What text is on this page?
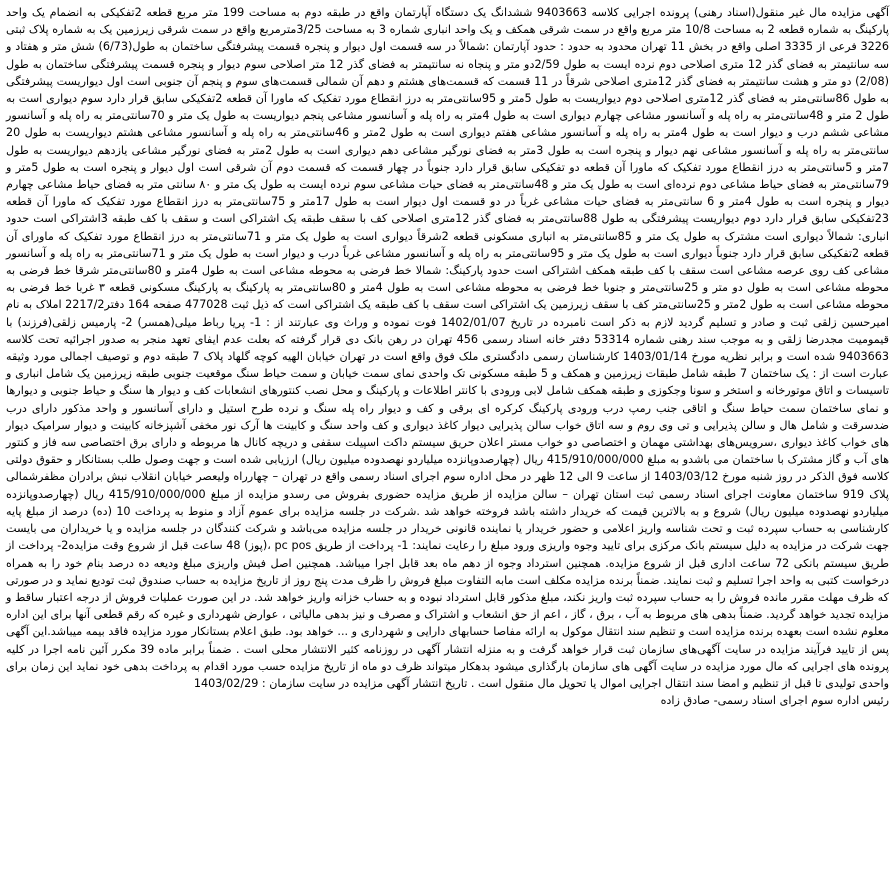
آگهی مزایده مال غیر منقول(اسناد رهنی) پرونده اجرایی کلاسه 9403663 ششدانگ یک دستگاه آپارتمان واقع در طبقه دوم به مساحت 199 متر مربع قطعه 2تفکیکی به انضمام یک واحد پارکینگ به شماره قطعه 2 به مساحت 10/8 متر مربع واقع در سمت شرقی همکف و یک واحد انباری شماره 3 به مساحت 3/25مترمربع واقع در سمت شرقی زیرزمین یک به شماره پلاک ثبتی 3226 فرعی از 3335 اصلی واقع در بخش 11 تهران محدود به حدود : حدود آپارتمان :شمالاً در سه قسمت اول دیوار و پنجره قسمت پیشرفتگی ساختمان به طول(6/73) شش متر و هفتاد و سه سانتیمتر به فضای گذر 12 متری اصلاحی دوم نرده ایست به طول 2/59دو متر و پنجاه نه سانتیمتر به فضای گذر 12 متر اصلاحی سوم دیوار و پنجره قسمت پیشرفتگی ساختمان به طول (2/08) دو متر و هشت سانتیمتر به فضای گذر 12متری اصلاحی شرقاً در 11 قسمت که قسمت‌های هشتم و دهم آن شمالی قسمت‌های سوم و پنجم آن جنوبی است اول دیواریست پیشرفتگی به طول 86سانتی‌متر به فضای گذر 12متری اصلاحی دوم دیواریست به طول 5متر و 95سانتی‌متر به درز انقطاع مورد تفکیک که ماورا آن قطعه 2تفکیکی سابق قرار دارد سوم دیواری است به طول 2 متر و 48سانتی‌متر به راه پله و آسانسور مشاعی چهارم دیواری است به طول 4متر به راه پله و آسانسور مشاعی پنجم دیواریست به طول یک متر و 70سانتی‌متر به راه پله و آسانسور مشاعی ششم درب و دیوار است به طول 4متر به راه پله و آسانسور مشاعی هفتم دیواری است به طول 2متر و 46سانتی‌متر به راه پله و آسانسور مشاعی هشتم دیواریست به طول 20 سانتی‌متر به راه پله و آسانسور مشاعی نهم دیوار و پنجره است به طول 3متر به فضای نورگیر مشاعی دهم دیواری است به طول 2متر به فضای نورگیر مشاعی یازدهم دیواریست به طول 7متر و 5سانتی‌متر به درز انقطاع مورد تفکیک که ماورا آن قطعه دو تفکیکی سابق قرار دارد جنوباً در چهار قسمت که قسمت دوم آن شرقی است اول دیوار و پنجره است به طول 5متر و 79سانتی‌متر به فضای حیاط مشاعی دوم نرده‌ای است به طول یک متر و 48سانتی‌متر به فضای حیات مشاعی سوم نرده ایست به طول یک متر و ۸۰ سانتی متر به فضای حیاط مشاعی چهارم دیوار و پنجره است به طول 4متر و 6 سانتی‌متر به فضای حیات مشاعی غرباً در دو قسمت اول دیوار است به طول 17متر و 75سانتی‌متر به درز انقطاع مورد تفکیک که ماورا آن قطعه 23تفکیکی سابق قرار دارد دوم دیواریست پیشرفتگی به طول 88سانتی‌متر به فضای گذر 12متری اصلاحی کف با سقف طبقه یک اشتراکی است و سقف با کف طبقه 3اشتراکی است حدود انباری: شمالاً دیواری است مشترک به طول یک متر و 85سانتی‌متر به انباری مسکونی قطعه 2شرقاً دیواری است به طول یک متر و 71سانتی‌متر به درز انقطاع مورد تفکیک که ماورای آن قطعه 2تفکیکی سابق قرار دارد جنوباً دیواری است به طول یک متر و 95سانتی‌متر به راه پله و آسانسور مشاعی غرباً درب و دیوار است به طول یک متر و 71سانتی‌متر به راه پله و آسانسور مشاعی کف روی عرصه مشاعی است سقف با کف طبقه همکف اشتراکی است حدود پارکینگ: شمالا خط فرضی به محوطه مشاعی است به طول 4متر و 80سانتی‌متر شرقا خط فرضی به محوطه مشاعی است به طول دو متر و 25سانتی‌متر و جنوبا خط فرضی به محوطه مشاعی است به طول 4متر و 80سانتی‌متر به پارکینگ به پارکینگ مسکونی قطعه ۳ غربا خط فرضی به محوطه مشاعی است به طول 2متر و 25سانتی‌متر کف با سقف زیرزمین یک اشتراکی است سقف با کف طبقه یک اشتراکی است که ذیل ثبت 477028 صفحه 164 دفتر2217/2 املاک به نام امیرحسین زلقی ثبت و صادر و تسلیم گردید لازم به ذکر است نامبرده در تاریخ 1402/01/07 فوت نموده و وراث وی عبارتند از : 1- پریا رباط میلی(همسر) 2- پارمیس زلقی(فرزند) با قیمومیت مجدرضا زلقی و به موجب سند رهنی شماره 53314 دفتر خانه اسناد رسمی 456 تهران در رهن بانک دی قرار گرفته که بعلت عدم ایفای تعهد منجر به صدور اجرائیه تحت کلاسه 9403663 شده است و برابر نظریه مورخ 1403/01/14 کارشناسان رسمی دادگستری ملک فوق واقع است در تهران خیابان الهیه کوچه گلهاد پلاک 7 طبقه دوم و توصیف اجمالی مورد وثیقه عبارت است از : یک ساختمان 7 طبقه شامل طبقات زیرزمین و همکف و 5 طبقه مسکونی تک واحدی نمای سمت خیابان و سمت حیاط سنگ موقعیت جنوبی طبقه زیرزمین یک شامل انباری و تاسیسات و اتاق موتورخانه و استخر و سونا وجکوزی و طبقه همکف شامل لابی ورودی با کانتر اطلاعات و پارکینگ و محل نصب کنتورهای انشعابات کف و دیوار ها سنگ و حیاط جنوبی و دیوارها و نمای ساختمان سمت حیاط سنگ و اتاقی جنب رمپ درب ورودی پارکینگ کرکره ای برقی و کف و دیوار راه پله سنگ و نرده طرح استیل و دارای آسانسور و واحد مذکور دارای درب ضدسرقت و شامل هال و سالن پذیرایی و تی وی روم و سه اتاق خواب سالن پذیرایی دیوار کاغذ دیواری و کف واحد سنگ و کابینت ها آرک نور مخفی آشپزخانه کابینت و دیوار سرامیک دیوار های خواب کاغذ دیواری ،سرویس‌های بهداشتی مهمان و اختصاصی دو خواب مستر اعلان حریق سیستم داکت اسپیلت سقفی و دریچه کانال ها مربوطه و دارای برق اختصاصی سه فاز و کنتور های آب و گاز مشترک با ساختمان می باشدو به مبلغ 415/910/000/000 ریال (چهارصدوپانزده میلیاردو نهصدوده میلیون ریال) ارزیابی شده است و جهت وصول طلب بستانکار و حقوق دولتی کلاسه فوق الذکر در روز شنبه مورخ 1403/03/12 از ساعت 9 الی 12 ظهر در محل اداره سوم اجرای اسناد رسمی واقع در تهران – چهارراه ولیعصر خیابان انقلاب نبش برادران مظفرشمالی پلاک 919 ساختمان معاونت اجرای اسناد رسمی ثبت استان تهران – سالن مزایده از طریق مزایده حضوری بفروش می رسدو مزایده از مبلغ 415/910/000/000 ریال (چهارصدوپانزده میلیاردو نهصدوده میلیون ریال) شروع و به بالاترین قیمت که خریدار داشته باشد فروخته خواهد شد .شرکت در جلسه مزایده برای عموم آزاد و منوط به پرداخت 10 (ده) درصد از مبلغ پایه کارشناسی به حساب سپرده ثبت و تحت شناسه واریز اعلامی و حضور خریدار یا نماینده قانونی خریدار در جلسه مزایده می‌باشد و شرکت کنندگان در جلسه مزایده و یا خریداران می بایست جهت شرکت در مزایده به دلیل سیستم بانک مرکزی برای تایید وجوه واریزی ورود مبلغ را رعایت نمایند: 1- پرداخت از طریق pc pos ،(پوز) 48 ساعت قبل از شروع وقت مزایده2- پرداخت از طریق سیستم بانکی 72 ساعت اداری قبل از شروع مزایده. همچنین استرداد وجوه از دهم ماه بعد قابل اجرا میباشد. همچنین اصل فیش واریزی مبلغ ودیعه ده درصد بنام خود را به همراه درخواست کتبی به واحد اجرا تسلیم و ثبت نمایند. ضمناً برنده مزایده مکلف است مابه التفاوت مبلغ فروش را ظرف مدت پنج روز از تاریخ مزایده به حساب صندوق ثبت تودیع نماید و در صورتی که ظرف مهلت مقرر مانده فروش را به حساب سپرده ثبت واریز نکند، مبلغ مذکور قابل استرداد نبوده و به حساب خزانه واریز خواهد شد. در این صورت عملیات فروش از درجه اعتبار ساقط و مزایده تجدید خواهد گردید. ضمناً بدهی های مربوط به آب ، برق ، گاز ، اعم از حق انشعاب و اشتراک و مصرف و نیز بدهی مالیاتی ، عوارض شهرداری و غیره که رقم قطعی آنها برای این اداره معلوم نشده است بعهده برنده مزایده است و تنظیم سند انتقال موکول به ارائه مفاصا حسابهای دارایی و شهرداری و ... خواهد بود. طبق اعلام بستانکار مورد مزایده فاقد بیمه میباشد.این آگهی پس از تایید فرآیند مزایده در سایت آگهی‌های سازمان ثبت قرار خواهد گرفت و به منزله انتشار آگهی در روزنامه کثیر الانتشار محلی است . ضمناً برابر ماده 39 مکرر آئین نامه اجرا در کلیه پرونده های اجرایی که مال مورد مزایده در سایت آگهی های سازمان بارگذاری میشود بدهکار میتواند ظرف دو ماه از تاریخ مزایده حسب مورد اقدام به پرداخت بدهی خود نماید این زمان برای واحدی تولیدی تا قبل از تنظیم و امضا سند انتقال اجرایی اموال یا تحویل مال منقول است . تاریخ انتشار آگهی مزایده در سایت سازمان : 1403/02/29

رئیس اداره سوم اجرای اسناد رسمی- صادق زاده
